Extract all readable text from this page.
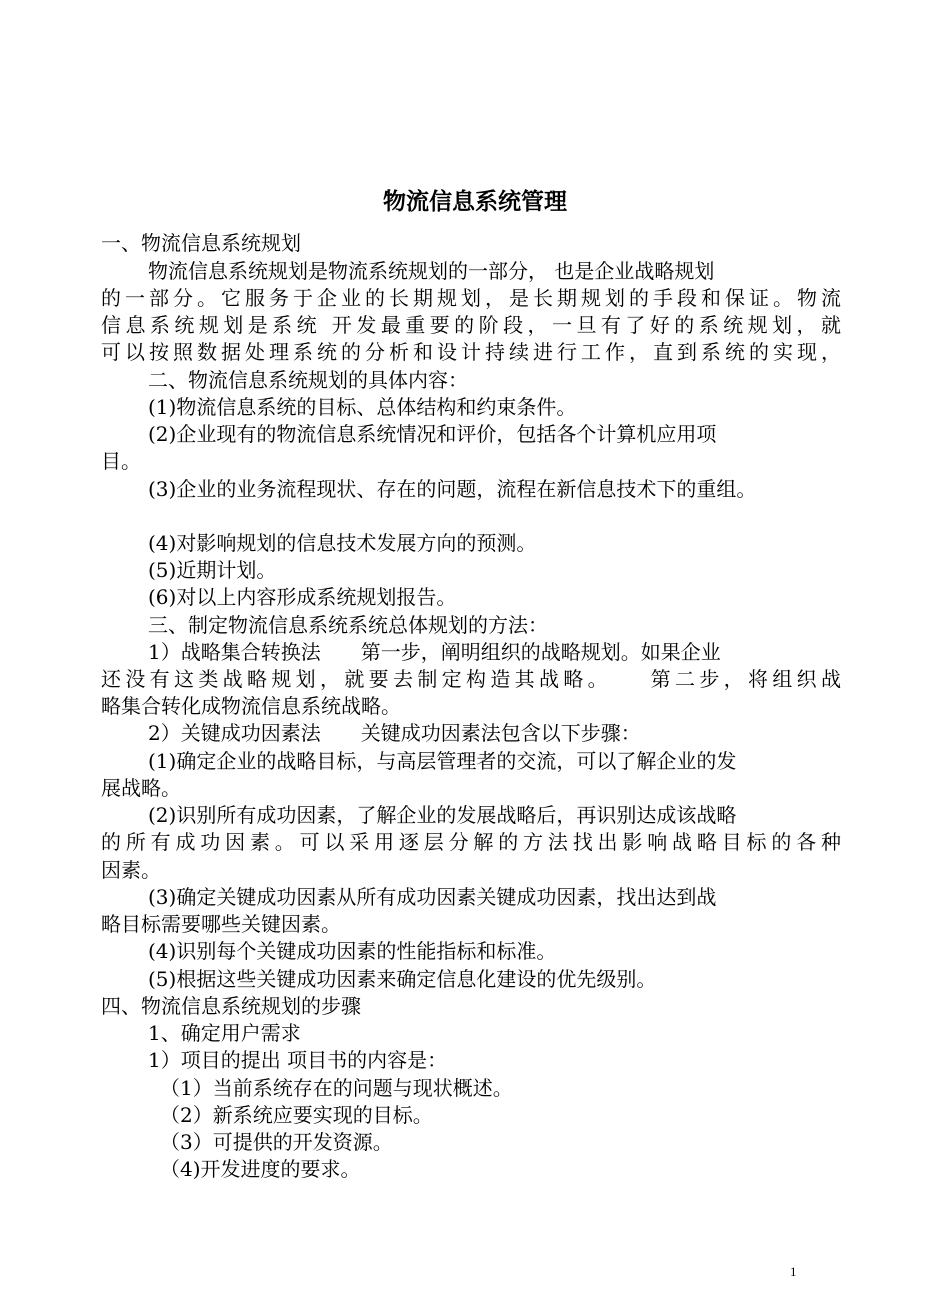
物流信息系统管理
一、物流信息系统规划
物流信息系统规划是物流系统规划的一部分， 也是企业战略规划
的一部分。它服务于企业的长期规划，是长期规划的手段和保证。物流
信息系统规划是系统 开发最重要的阶段，一旦有了好的系统规划，就
可以按照数据处理系统的分析和设计持续进行工作，直到系统的实现，
二、物流信息系统规划的具体内容：
(1)物流信息系统的目标、总体结构和约束条件。
(2)企业现有的物流信息系统情况和评价，包括各个计算机应用项
目。
(3)企业的业务流程现状、存在的问题，流程在新信息技术下的重组。
(4)对影响规划的信息技术发展方向的预测。
(5)近期计划。
(6)对以上内容形成系统规划报告。
三、制定物流信息系统系统总体规划的方法：
1）战略集合转换法　　第一步，阐明组织的战略规划。如果企业
还没有这类战略规划，就要去制定构造其战略。　　第二步，将组织战
略集合转化成物流信息系统战略。
2）关键成功因素法　　关键成功因素法包含以下步骤：
(1)确定企业的战略目标，与高层管理者的交流，可以了解企业的发
展战略。
(2)识别所有成功因素，了解企业的发展战略后，再识别达成该战略
的所有成功因素。可以采用逐层分解的方法找出影响战略目标的各种
因素。
(3)确定关键成功因素从所有成功因素关键成功因素，找出达到战
略目标需要哪些关键因素。
(4)识别每个关键成功因素的性能指标和标准。
(5)根据这些关键成功因素来确定信息化建设的优先级别。
四、物流信息系统规划的步骤
1、确定用户需求
1）项目的提出 项目书的内容是：
（1）当前系统存在的问题与现状概述。
（2）新系统应要实现的目标。
（3）可提供的开发资源。
（4)开发进度的要求。
1
